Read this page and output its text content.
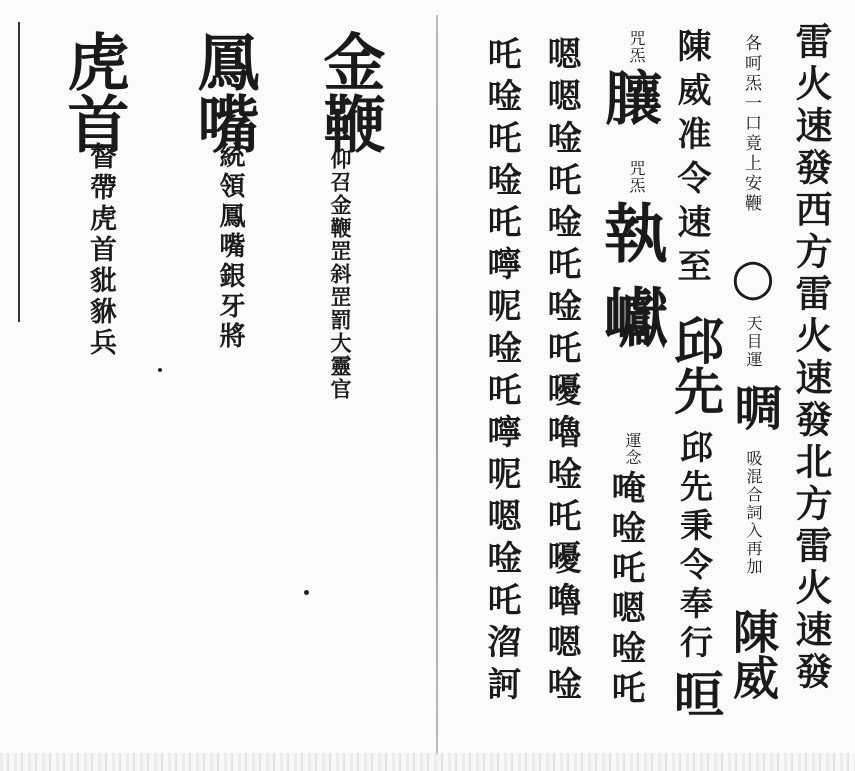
金鞭
鳳嘴
虎首
仰召金鞭罡斜罡罰大靈官
統領鳳嘴銀牙將
督帶虎首豼貅兵	雷火速發西方雷火速發北方雷火速發
各呵炁一口竟上安鞭
○
天目運
晭
吸混合詞入再加
陳威
陳威准令速至
邱先
邱先秉令奉行
晅
咒炁
䑋
咒炁
執巘
運念
唵唫吒嗯唫吒
嗯嗯唫吒唫吒唫吒嚘嚕唫吒嚘嚕嗯唫
吒唫吒唫吒嚀呢唫吒嚀呢嗯唫吒㳷訶
